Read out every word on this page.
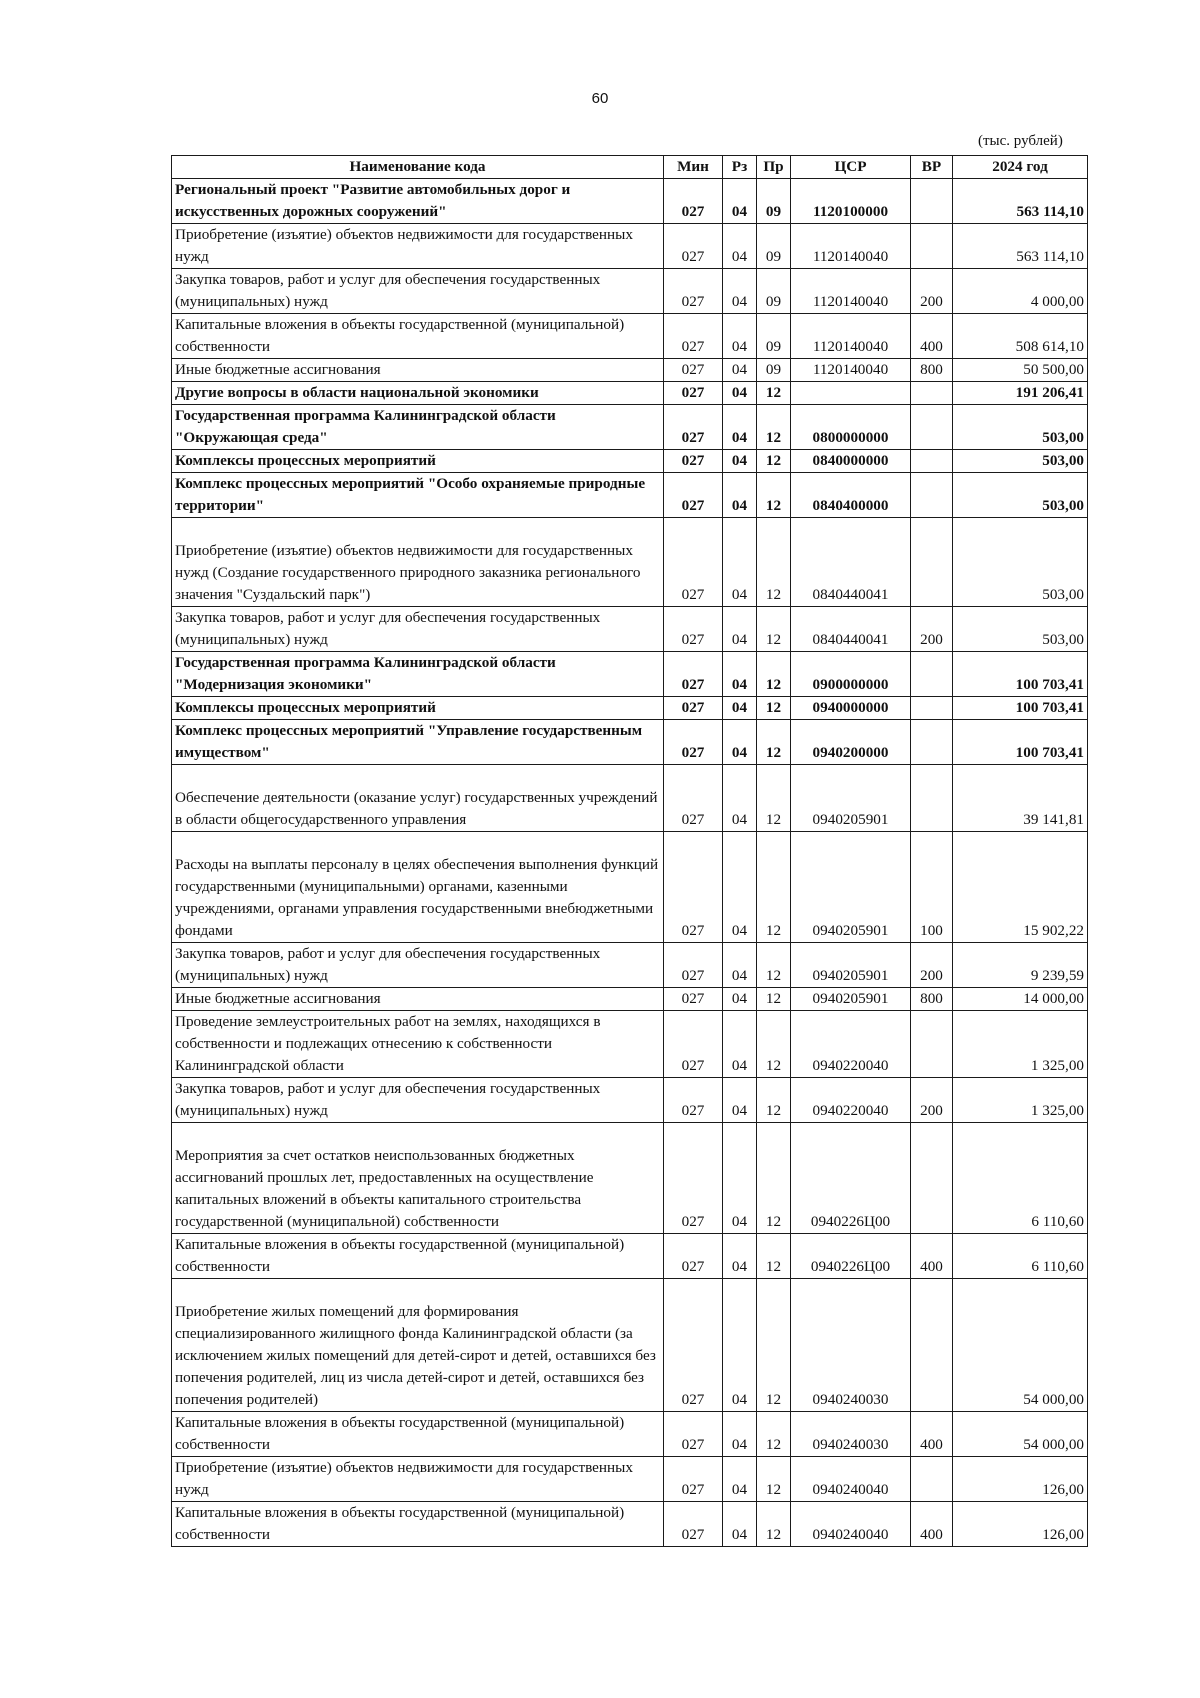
60
(тыс. рублей)
Наименование кода	Мин	Рз	Пр	ЦСР	ВР	2024 год
Региональный проект "Развитие автомобильных дорог и искусственных дорожных сооружений"	027	04	09	1120100000		563 114,10
Приобретение (изъятие) объектов недвижимости для государственных нужд	027	04	09	1120140040		563 114,10
Закупка товаров, работ и услуг для обеспечения государственных (муниципальных) нужд	027	04	09	1120140040	200	4 000,00
Капитальные вложения в объекты государственной (муниципальной) собственности	027	04	09	1120140040	400	508 614,10
Иные бюджетные ассигнования	027	04	09	1120140040	800	50 500,00
Другие вопросы в области национальной экономики	027	04	12			191 206,41
Государственная программа Калининградской области "Окружающая среда"	027	04	12	0800000000		503,00
Комплексы процессных мероприятий	027	04	12	0840000000		503,00
Комплекс процессных мероприятий "Особо охраняемые природные территории"	027	04	12	0840400000		503,00
Приобретение (изъятие) объектов недвижимости для государственных нужд (Создание государственного природного заказника регионального значения "Суздальский парк")	027	04	12	0840440041		503,00
Закупка товаров, работ и услуг для обеспечения государственных (муниципальных) нужд	027	04	12	0840440041	200	503,00
Государственная программа Калининградской области "Модернизация экономики"	027	04	12	0900000000		100 703,41
Комплексы процессных мероприятий	027	04	12	0940000000		100 703,41
Комплекс процессных мероприятий "Управление государственным имуществом"	027	04	12	0940200000		100 703,41
Обеспечение деятельности (оказание услуг) государственных учреждений в области общегосударственного управления	027	04	12	0940205901		39 141,81
Расходы на выплаты персоналу в целях обеспечения выполнения функций государственными (муниципальными) органами, казенными учреждениями, органами управления государственными внебюджетными фондами	027	04	12	0940205901	100	15 902,22
Закупка товаров, работ и услуг для обеспечения государственных (муниципальных) нужд	027	04	12	0940205901	200	9 239,59
Иные бюджетные ассигнования	027	04	12	0940205901	800	14 000,00
Проведение землеустроительных работ на землях, находящихся в собственности и подлежащих отнесению к собственности Калининградской области	027	04	12	0940220040		1 325,00
Закупка товаров, работ и услуг для обеспечения государственных (муниципальных) нужд	027	04	12	0940220040	200	1 325,00
Мероприятия за счет остатков неиспользованных бюджетных ассигнований прошлых лет, предоставленных на осуществление капитальных вложений в объекты капитального строительства государственной (муниципальной) собственности	027	04	12	0940226Ц00		6 110,60
Капитальные вложения в объекты государственной (муниципальной) собственности	027	04	12	0940226Ц00	400	6 110,60
Приобретение жилых помещений для формирования специализированного жилищного фонда Калининградской области (за исключением жилых помещений для детей-сирот и детей, оставшихся без попечения родителей, лиц из числа детей-сирот и детей, оставшихся без попечения родителей)	027	04	12	0940240030		54 000,00
Капитальные вложения в объекты государственной (муниципальной) собственности	027	04	12	0940240030	400	54 000,00
Приобретение (изъятие) объектов недвижимости для государственных нужд	027	04	12	0940240040		126,00
Капитальные вложения в объекты государственной (муниципальной) собственности	027	04	12	0940240040	400	126,00
